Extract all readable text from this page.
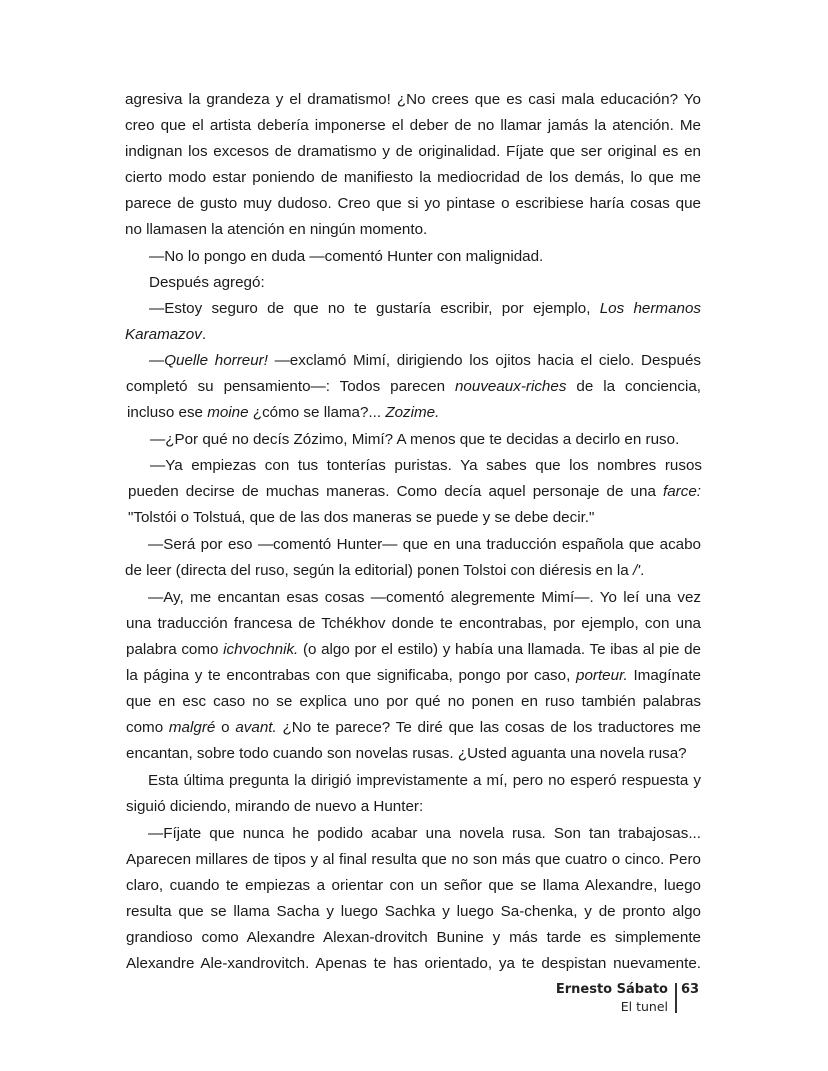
agresiva la grandeza y el dramatismo! ¿No crees que es casi mala educación? Yo
creo que el artista debería imponerse el deber de no llamar jamás la atención. Me
indignan los excesos de dramatismo y de originalidad. Fíjate que ser original es en
cierto modo estar poniendo de manifiesto la mediocridad de los demás, lo que me
parece de gusto muy dudoso. Creo que si yo pintase o escribiese haría cosas que
no llamasen la atención en ningún momento.
—No lo pongo en duda —comentó Hunter con malignidad.
Después agregó:
—Estoy seguro de que no te gustaría escribir, por ejemplo, Los hermanos
Karamazov.
—Quelle horreur! —exclamó Mimí, dirigiendo los ojitos hacia el cielo. Después
completó su pensamiento—: Todos parecen nouveaux-riches de la conciencia,
incluso ese moine ¿cómo se llama?... Zozime.
—¿Por qué no decís Zózimo, Mimí? A menos que te decidas a decirlo en ruso.
—Ya empiezas con tus tonterías puristas. Ya sabes que los nombres rusos
pueden decirse de muchas maneras. Como decía aquel personaje de una farce:
"Tolstói o Tolstuá, que de las dos maneras se puede y se debe decir."
—Será por eso —comentó Hunter— que en una traducción española que acabo
de leer (directa del ruso, según la editorial) ponen Tolstoi con diéresis en la /'.
—Ay, me encantan esas cosas —comentó alegremente Mimí—. Yo leí una vez
una traducción francesa de Tchékhov donde te encontrabas, por ejemplo, con una
palabra como ichvochnik. (o algo por el estilo) y había una llamada. Te ibas al pie de
la página y te encontrabas con que significaba, pongo por caso, porteur. Imagínate
que en esc caso no se explica uno por qué no ponen en ruso también palabras
como malgré o avant. ¿No te parece? Te diré que las cosas de los traductores me
encantan, sobre todo cuando son novelas rusas. ¿Usted aguanta una novela rusa?
Esta última pregunta la dirigió imprevistamente a mí, pero no esperó respuesta y
siguió diciendo, mirando de nuevo a Hunter:
—Fíjate que nunca he podido acabar una novela rusa. Son tan trabajosas...
Aparecen millares de tipos y al final resulta que no son más que cuatro o cinco. Pero
claro, cuando te empiezas a orientar con un señor que se llama Alexandre, luego
resulta que se llama Sacha y luego Sachka y luego Sa-chenka, y de pronto algo
grandioso como Alexandre Alexan-drovitch Bunine y más tarde es simplemente
Alexandre Ale-xandrovitch. Apenas te has orientado, ya te despistan nuevamente.
Ernesto Sábato
El tunel
63
